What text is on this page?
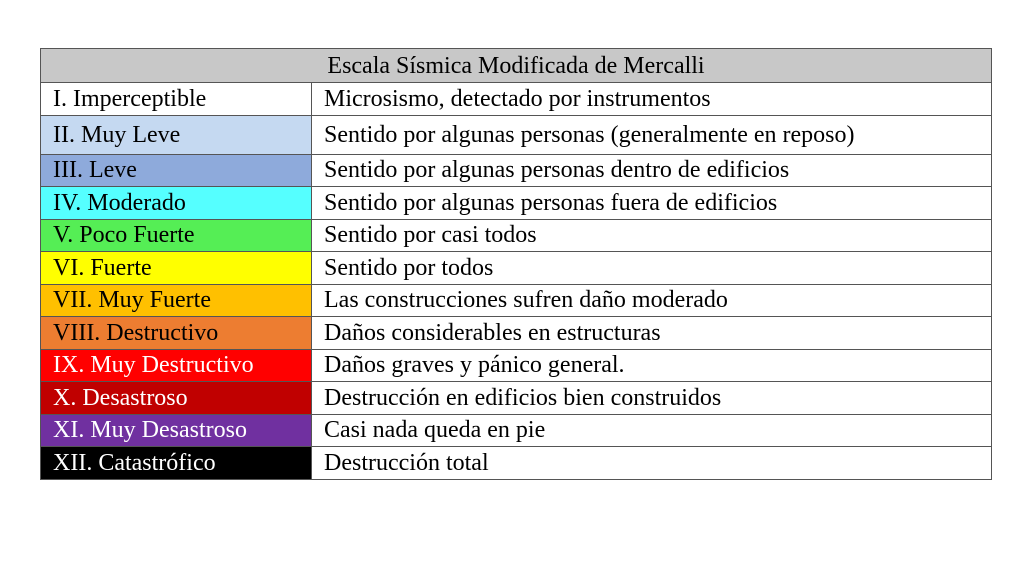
Escala Sísmica Modificada de Mercalli	
I. Imperceptible	Microsismo, detectado por instrumentos
II. Muy Leve	Sentido por algunas personas (generalmente en reposo)
III. Leve	Sentido por algunas personas dentro de edificios
IV. Moderado	Sentido por algunas personas fuera de edificios
V. Poco Fuerte	Sentido por casi todos
VI. Fuerte	Sentido por todos
VII. Muy Fuerte	Las construcciones sufren daño moderado
VIII. Destructivo	Daños considerables en estructuras
IX. Muy Destructivo	Daños graves y pánico general.
X. Desastroso	Destrucción en edificios bien construidos
XI. Muy Desastroso	Casi nada queda en pie
XII. Catastrófico	Destrucción total
